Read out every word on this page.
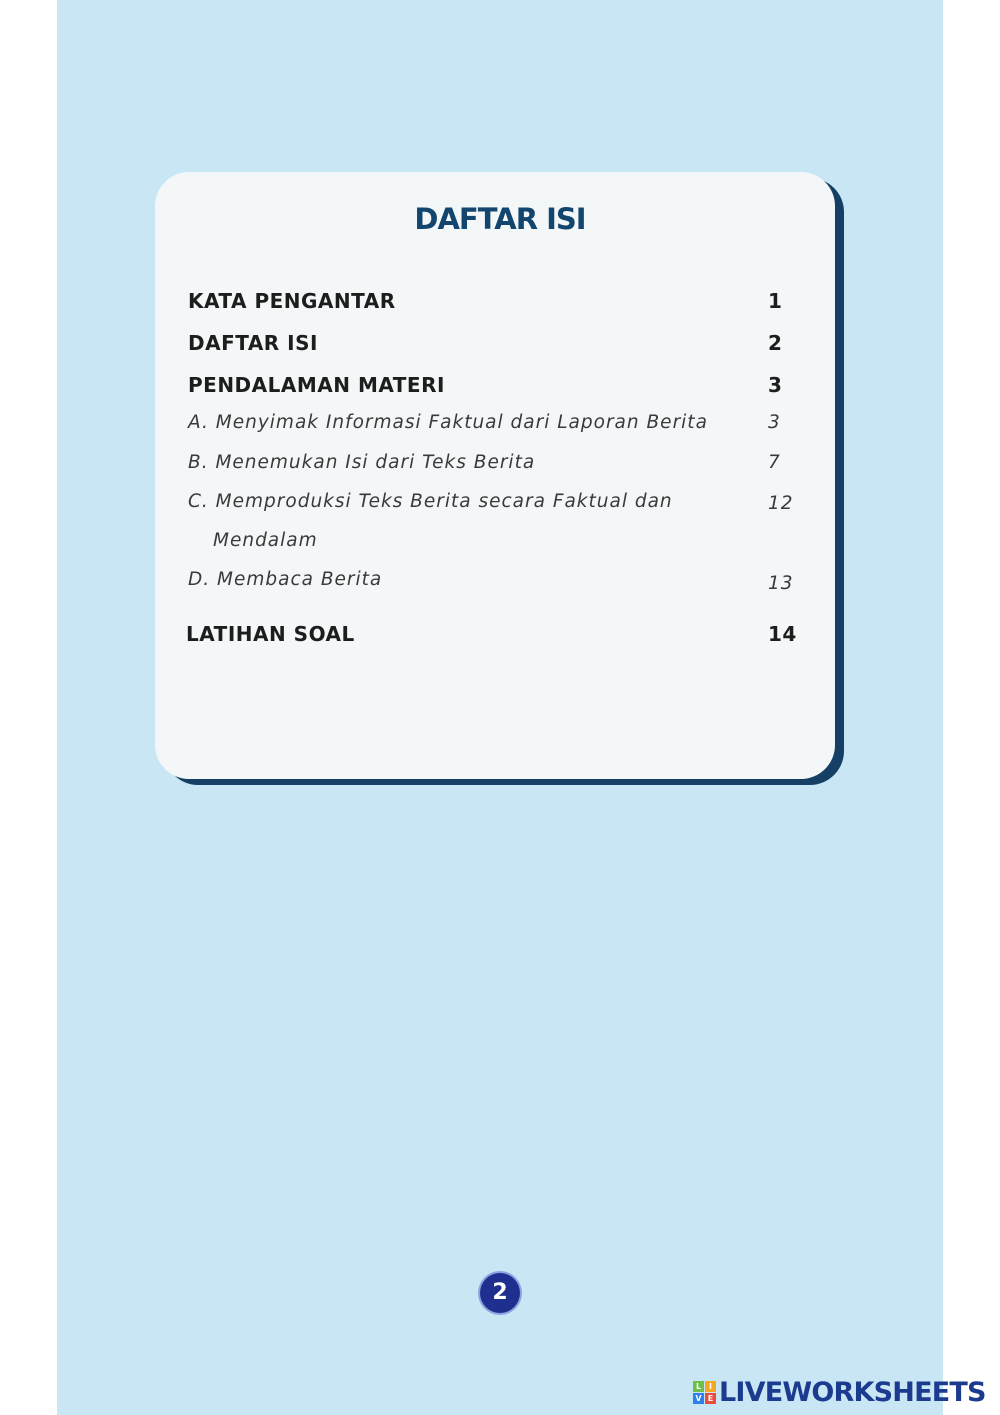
DAFTAR ISI
KATA PENGANTAR	1
DAFTAR ISI	2
PENDALAMAN MATERI	3
A. Menyimak Informasi Faktual dari Laporan Berita	3
B. Menemukan Isi dari Teks Berita	7
C. Memproduksi Teks Berita secara Faktual dan	12
Mendalam
D. Membaca Berita	13
LATIHAN SOAL	14
2
L I
V E LIVEWORKSHEETS
